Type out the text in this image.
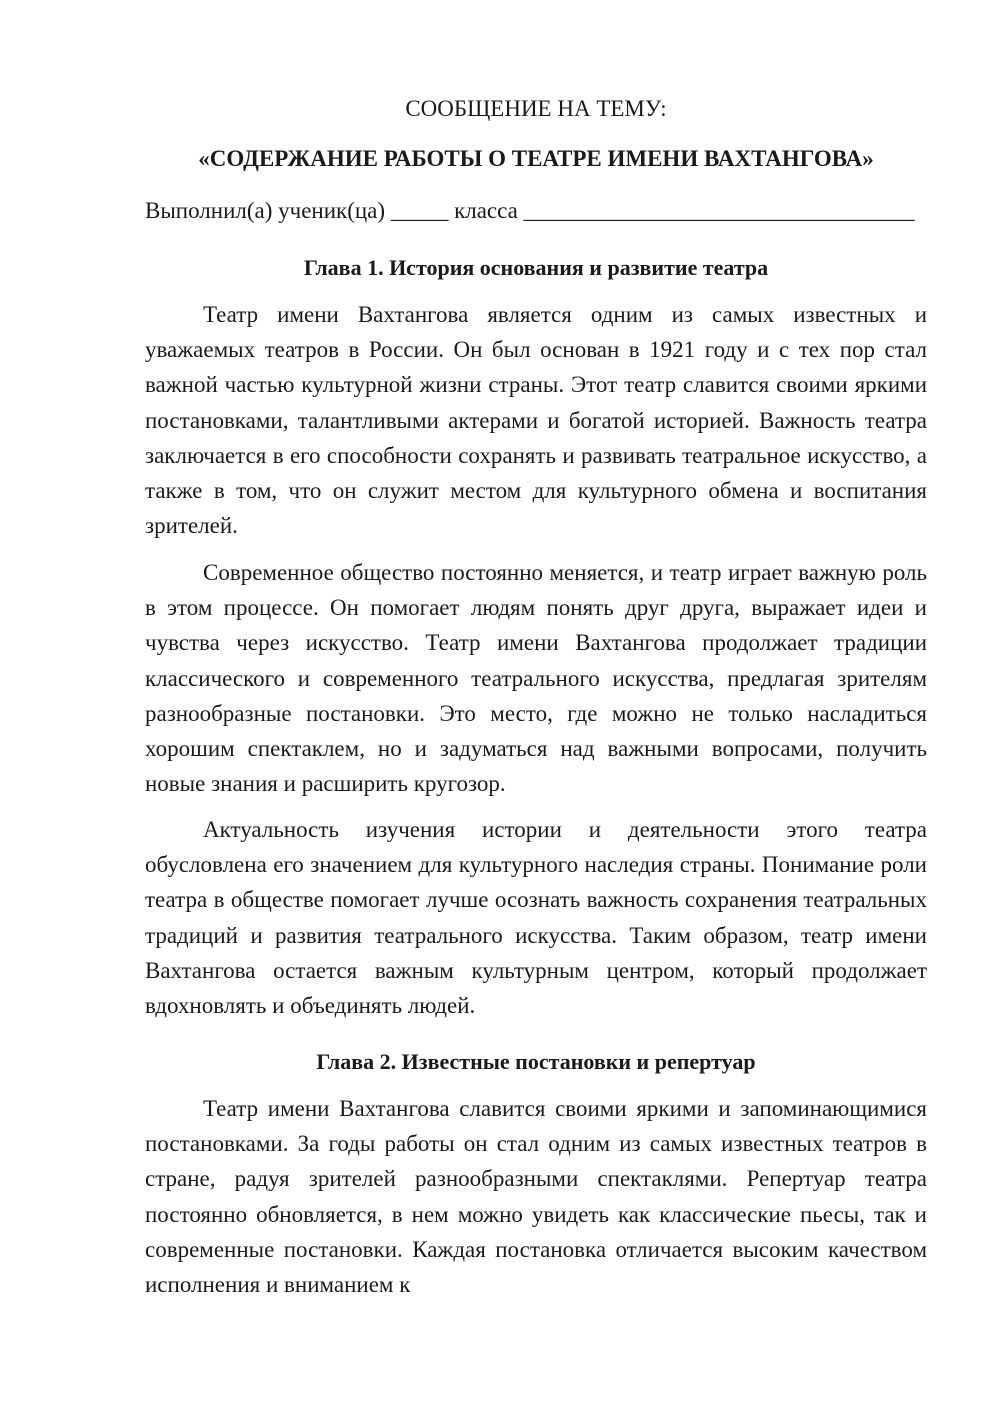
СООБЩЕНИЕ НА ТЕМУ:
«СОДЕРЖАНИЕ РАБОТЫ О ТЕАТРЕ ИМЕНИ ВАХТАНГОВА»
Выполнил(а) ученик(ца) _____ класса __________________________________
Глава 1. История основания и развитие театра

Театр имени Вахтангова является одним из самых известных и уважаемых театров в России. Он был основан в 1921 году и с тех пор стал важной частью культурной жизни страны. Этот театр славится своими яркими постановками, талантливыми актерами и богатой историей. Важность театра заключается в его способности сохранять и развивать театральное искусство, а также в том, что он служит местом для культурного обмена и воспитания зрителей.

Современное общество постоянно меняется, и театр играет важную роль в этом процессе. Он помогает людям понять друг друга, выражает идеи и чувства через искусство. Театр имени Вахтангова продолжает традиции классического и современного театрального искусства, предлагая зрителям разнообразные постановки. Это место, где можно не только насладиться хорошим спектаклем, но и задуматься над важными вопросами, получить новые знания и расширить кругозор.

Актуальность изучения истории и деятельности этого театра обусловлена его значением для культурного наследия страны. Понимание роли театра в обществе помогает лучше осознать важность сохранения театральных традиций и развития театрального искусства. Таким образом, театр имени Вахтангова остается важным культурным центром, который продолжает вдохновлять и объединять людей.

Глава 2. Известные постановки и репертуар

Театр имени Вахтангова славится своими яркими и запоминающимися постановками. За годы работы он стал одним из самых известных театров в стране, радуя зрителей разнообразными спектаклями. Репертуар театра постоянно обновляется, в нем можно увидеть как классические пьесы, так и современные постановки. Каждая постановка отличается высоким качеством исполнения и вниманием к
